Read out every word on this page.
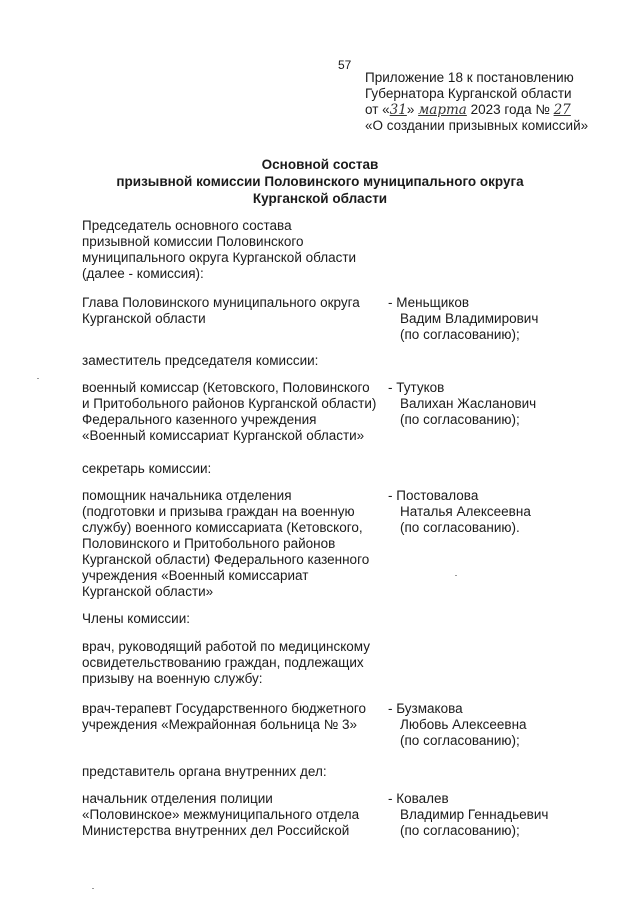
57
Приложение 18 к постановлению
Губернатора Курганской области
от «31» марта 2023 года № 27
«О создании призывных комиссий»
Основной состав
призывной комиссии Половинского муниципального округа
Курганской области
Председатель основного состава
призывной комиссии Половинского
муниципального округа Курганской области
(далее - комиссия):
Глава Половинского муниципального округа
Курганской области
- Меньщиков
Вадим Владимирович
(по согласованию);
заместитель председателя комиссии:
военный комиссар (Кетовского, Половинского
и Притобольного районов Курганской области)
Федерального казенного учреждения
«Военный комиссариат Курганской области»
- Тутуков
Валихан Жасланович
(по согласованию);
секретарь комиссии:
помощник начальника отделения
(подготовки и призыва граждан на военную
службу) военного комиссариата (Кетовского,
Половинского и Притобольного районов
Курганской области) Федерального казенного
учреждения «Военный комиссариат
Курганской области»
- Постовалова
Наталья Алексеевна
(по согласованию).
Члены комиссии:
врач, руководящий работой по медицинскому
освидетельствованию граждан, подлежащих
призыву на военную службу:
врач-терапевт Государственного бюджетного
учреждения «Межрайонная больница № 3»
- Бузмакова
Любовь Алексеевна
(по согласованию);
представитель органа внутренних дел:
начальник отделения полиции
«Половинское» межмуниципального отдела
Министерства внутренних дел Российской
- Ковалев
Владимир Геннадьевич
(по согласованию);
